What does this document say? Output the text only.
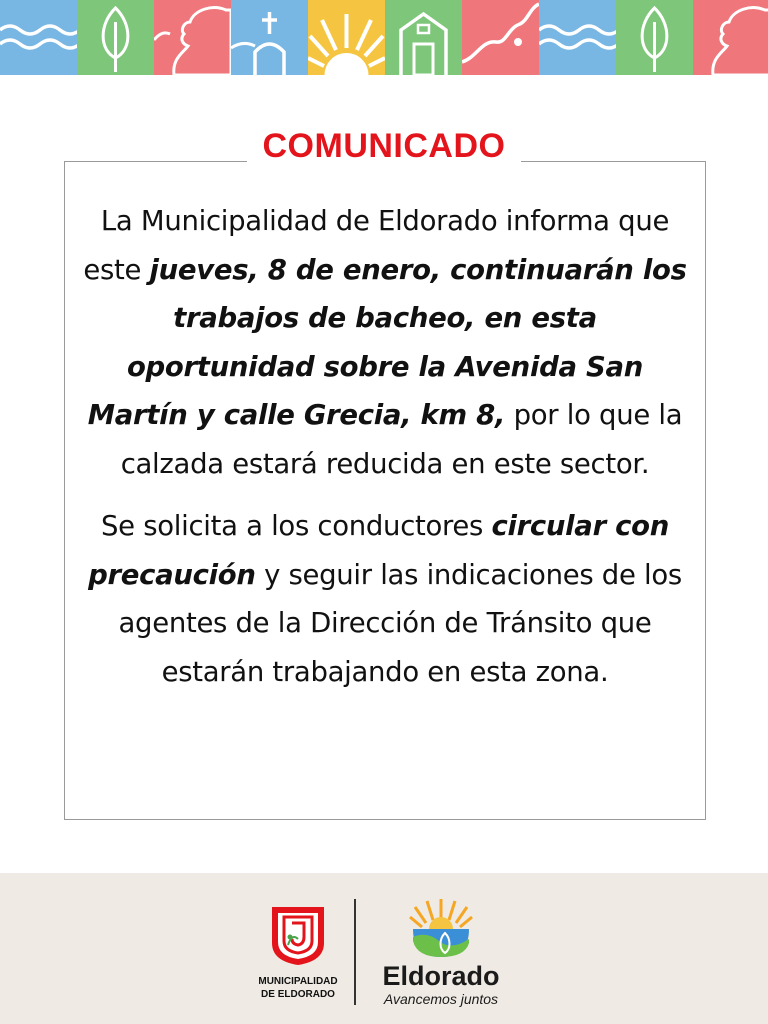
COMUNICADO

La Municipalidad de Eldorado informa que este jueves, 8 de enero, continuarán los trabajos de bacheo, en esta oportunidad sobre la Avenida San Martín y calle Grecia, km 8, por lo que la calzada estará reducida en este sector.

Se solicita a los conductores circular con precaución y seguir las indicaciones de los agentes de la Dirección de Tránsito que estarán trabajando en esta zona.

MUNICIPALIDAD
DE ELDORADO
Eldorado
Avancemos juntos
